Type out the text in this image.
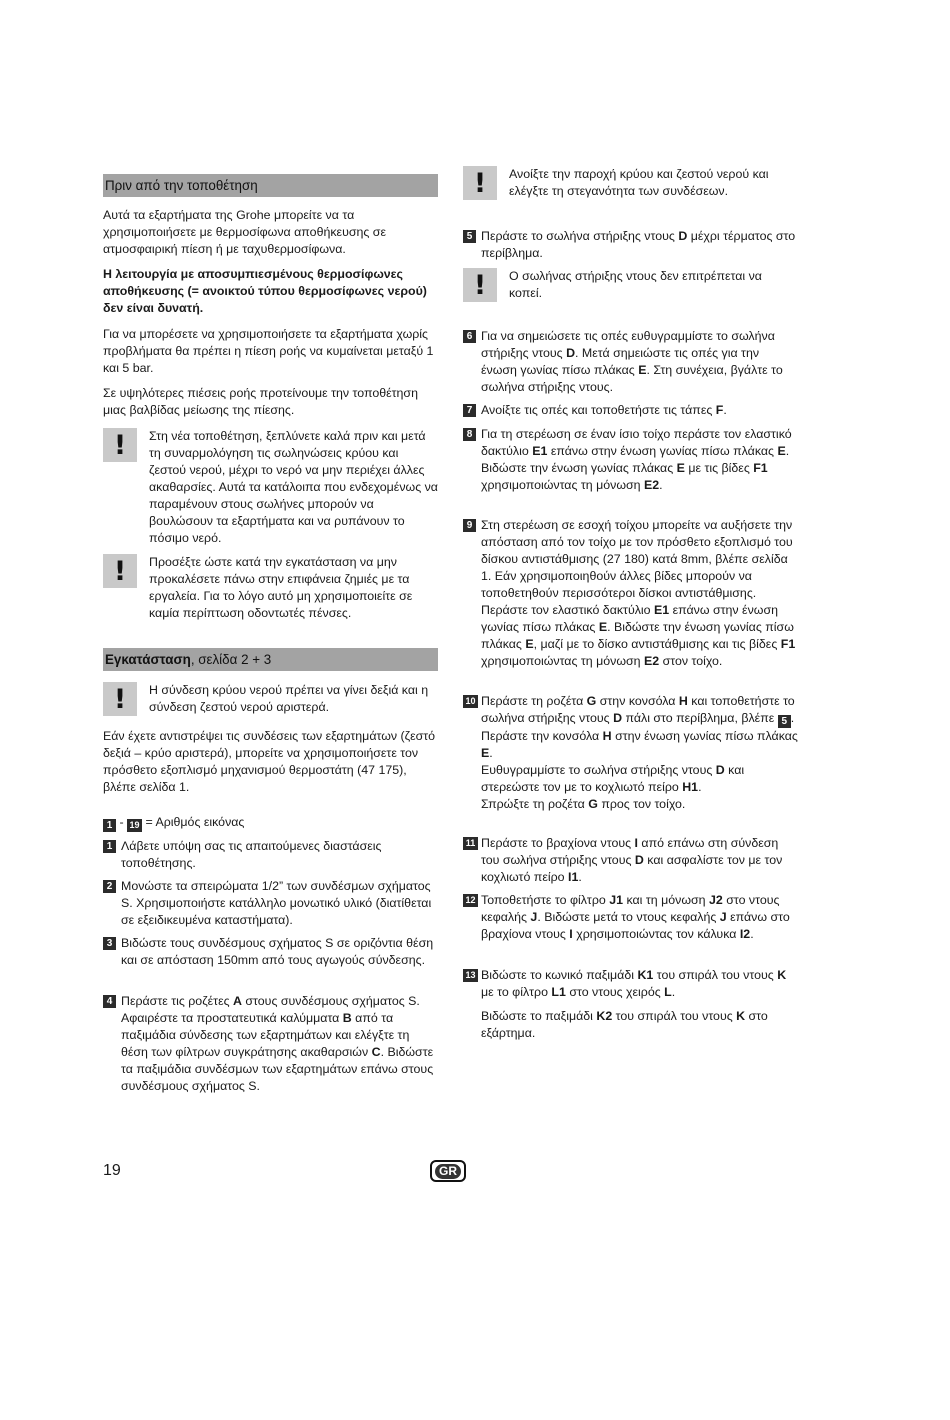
Πριν από την τοποθέτηση

Αυτά τα εξαρτήματα της Grohe μπορείτε να τα χρησιμοποιήσετε με θερμοσίφωνα αποθήκευσης σε ατμοσφαιρική πίεση ή με ταχυθερμοσίφωνα.

Η λειτουργία με αποσυμπιεσμένους θερμοσίφωνες αποθήκευσης (= ανοικτού τύπου θερμοσίφωνες νερού) δεν είναι δυνατή.

Για να μπορέσετε να χρησιμοποιήσετε τα εξαρτήματα χωρίς προβλήματα θα πρέπει η πίεση ροής να κυμαίνεται μεταξύ 1 και 5 bar.

Σε υψηλότερες πιέσεις ροής προτείνουμε την τοποθέτηση μιας βαλβίδας μείωσης της πίεσης.

!	Στη νέα τοποθέτηση, ξεπλύνετε καλά πριν και μετά τη συναρμολόγηση τις σωληνώσεις κρύου και ζεστού νερού, μέχρι το νερό να μην περιέχει άλλες ακαθαρσίες. Αυτά τα κατάλοιπα που ενδεχομένως να παραμένουν στους σωλήνες μπορούν να βουλώσουν τα εξαρτήματα και να ρυπάνουν το πόσιμο νερό.

!	Προσέξτε ώστε κατά την εγκατάσταση να μην προκαλέσετε πάνω στην επιφάνεια ζημιές με τα εργαλεία. Για το λόγο αυτό μη χρησιμοποιείτε σε καμία περίπτωση οδοντωτές πένσες.

Εγκατάσταση, σελίδα 2 + 3
!	Η σύνδεση κρύου νερού πρέπει να γίνει δεξιά και η σύνδεση ζεστού νερού αριστερά.

Εάν έχετε αντιστρέψει τις συνδέσεις των εξαρτημάτων (ζεστό δεξιά – κρύο αριστερά), μπορείτε να χρησιμοποιήσετε τον πρόσθετο εξοπλισμό μηχανισμού θερμοστάτη (47 175), βλέπε σελίδα 1.

1 - 19 = Αριθμός εικόνας

1 Λάβετε υπόψη σας τις απαιτούμενες διαστάσεις τοποθέτησης.

2 Μονώστε τα σπειρώματα 1/2” των συνδέσμων σχήματος S. Χρησιμοποιήστε κατάλληλο μονωτικό υλικό (διατίθεται σε εξειδικευμένα καταστήματα).

3 Βιδώστε τους συνδέσμους σχήματος S σε οριζόντια θέση και σε απόσταση 150mm από τους αγωγούς σύνδεσης.

4 Περάστε τις ροζέτες A στους συνδέσμους σχήματος S. Αφαιρέστε τα προστατευτικά καλύμματα B από τα παξιμάδια σύνδεσης των εξαρτημάτων και ελέγξτε τη θέση των φίλτρων συγκράτησης ακαθαρσιών C. Βιδώστε τα παξιμάδια συνδέσμων των εξαρτημάτων επάνω στους συνδέσμους σχήματος S.

!	Ανοίξτε την παροχή κρύου και ζεστού νερού και ελέγξτε τη στεγανότητα των συνδέσεων.

5 Περάστε το σωλήνα στήριξης ντους D μέχρι τέρματος στο περίβλημα.

!	Ο σωλήνας στήριξης ντους δεν επιτρέπεται να κοπεί.

6 Για να σημειώσετε τις οπές ευθυγραμμίστε το σωλήνα στήριξης ντους D. Μετά σημειώστε τις οπές για την ένωση γωνίας πίσω πλάκας E. Στη συνέχεια, βγάλτε το σωλήνα στήριξης ντους.

7 Ανοίξτε τις οπές και τοποθετήστε τις τάπες F.

8 Για τη στερέωση σε έναν ίσιο τοίχο περάστε τον ελαστικό δακτύλιο E1 επάνω στην ένωση γωνίας πίσω πλάκας E. Βιδώστε την ένωση γωνίας πλάκας E με τις βίδες F1 χρησιμοποιώντας τη μόνωση E2.

9 Στη στερέωση σε εσοχή τοίχου μπορείτε να αυξήσετε την απόσταση από τον τοίχο με τον πρόσθετο εξοπλισμό του δίσκου αντιστάθμισης (27 180) κατά 8mm, βλέπε σελίδα 1. Εάν χρησιμοποιηθούν άλλες βίδες μπορούν να τοποθετηθούν περισσότεροι δίσκοι αντιστάθμισης. Περάστε τον ελαστικό δακτύλιο E1 επάνω στην ένωση γωνίας πίσω πλάκας E. Βιδώστε την ένωση γωνίας πίσω πλάκας E, μαζί με το δίσκο αντιστάθμισης και τις βίδες F1 χρησιμοποιώντας τη μόνωση E2 στον τοίχο.

10 Περάστε τη ροζέτα G στην κονσόλα H και τοποθετήστε το σωλήνα στήριξης ντους D πάλι στο περίβλημα, βλέπε 5 .

Περάστε την κονσόλα H στην ένωση γωνίας πίσω πλάκας E.

Ευθυγραμμίστε το σωλήνα στήριξης ντους D και στερεώστε τον με το κοχλιωτό πείρο H1.

Σπρώξτε τη ροζέτα G προς τον τοίχο.

11 Περάστε το βραχίονα ντους I από επάνω στη σύνδεση του σωλήνα στήριξης ντους D και ασφαλίστε τον με τον κοχλιωτό πείρο I1.

12 Τοποθετήστε το φίλτρο J1 και τη μόνωση J2 στο ντους κεφαλής J. Βιδώστε μετά το ντους κεφαλής J επάνω στο βραχίονα ντους I χρησιμοποιώντας τον κάλυκα I2.

13 Βιδώστε το κωνικό παξιμάδι K1 του σπιράλ του ντους K με το φίλτρο L1 στο ντους χειρός L.

Βιδώστε το παξιμάδι K2 του σπιράλ του ντους K στο εξάρτημα.

19	GR
